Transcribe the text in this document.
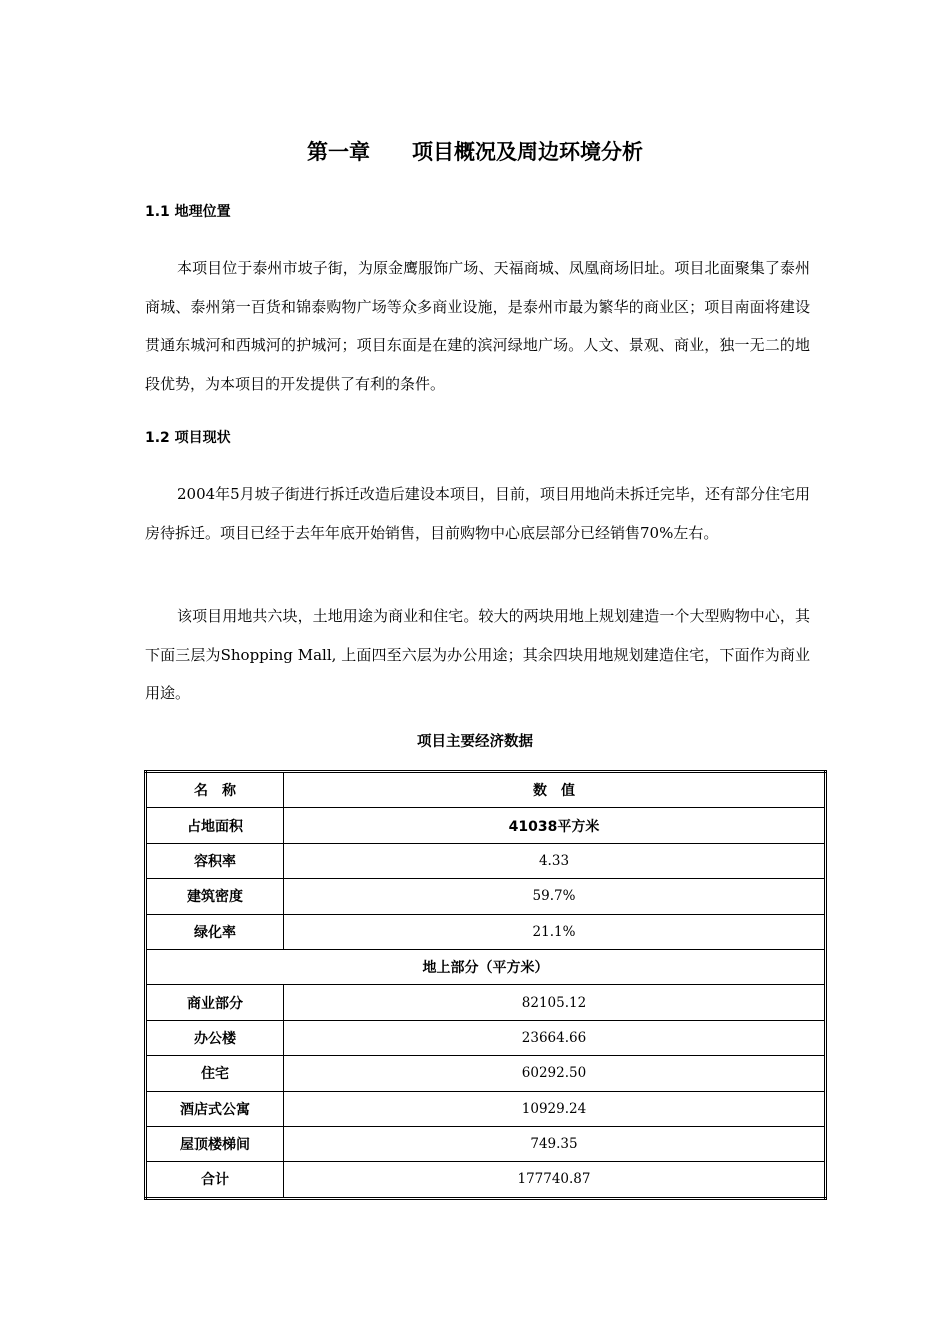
第一章　　项目概况及周边环境分析
1.1 地理位置

本项目位于泰州市坡子街，为原金鹰服饰广场、天福商城、凤凰商场旧址。项目北面聚集了泰州商城、泰州第一百货和锦泰购物广场等众多商业设施，是泰州市最为繁华的商业区；项目南面将建设贯通东城河和西城河的护城河；项目东面是在建的滨河绿地广场。人文、景观、商业，独一无二的地段优势，为本项目的开发提供了有利的条件。

1.2 项目现状

2004年5月坡子街进行拆迁改造后建设本项目，目前，项目用地尚未拆迁完毕，还有部分住宅用房待拆迁。项目已经于去年年底开始销售，目前购物中心底层部分已经销售70%左右。

该项目用地共六块，土地用途为商业和住宅。较大的两块用地上规划建造一个大型购物中心，其下面三层为Shopping Mall, 上面四至六层为办公用途；其余四块用地规划建造住宅，下面作为商业用途。

项目主要经济数据
名　称	数　值
占地面积	41038平方米
容积率	4.33
建筑密度	59.7%
绿化率	21.1%
地上部分（平方米）	
商业部分	82105.12
办公楼	23664.66
住宅	60292.50
酒店式公寓	10929.24
屋顶楼梯间	749.35
合计	177740.87
